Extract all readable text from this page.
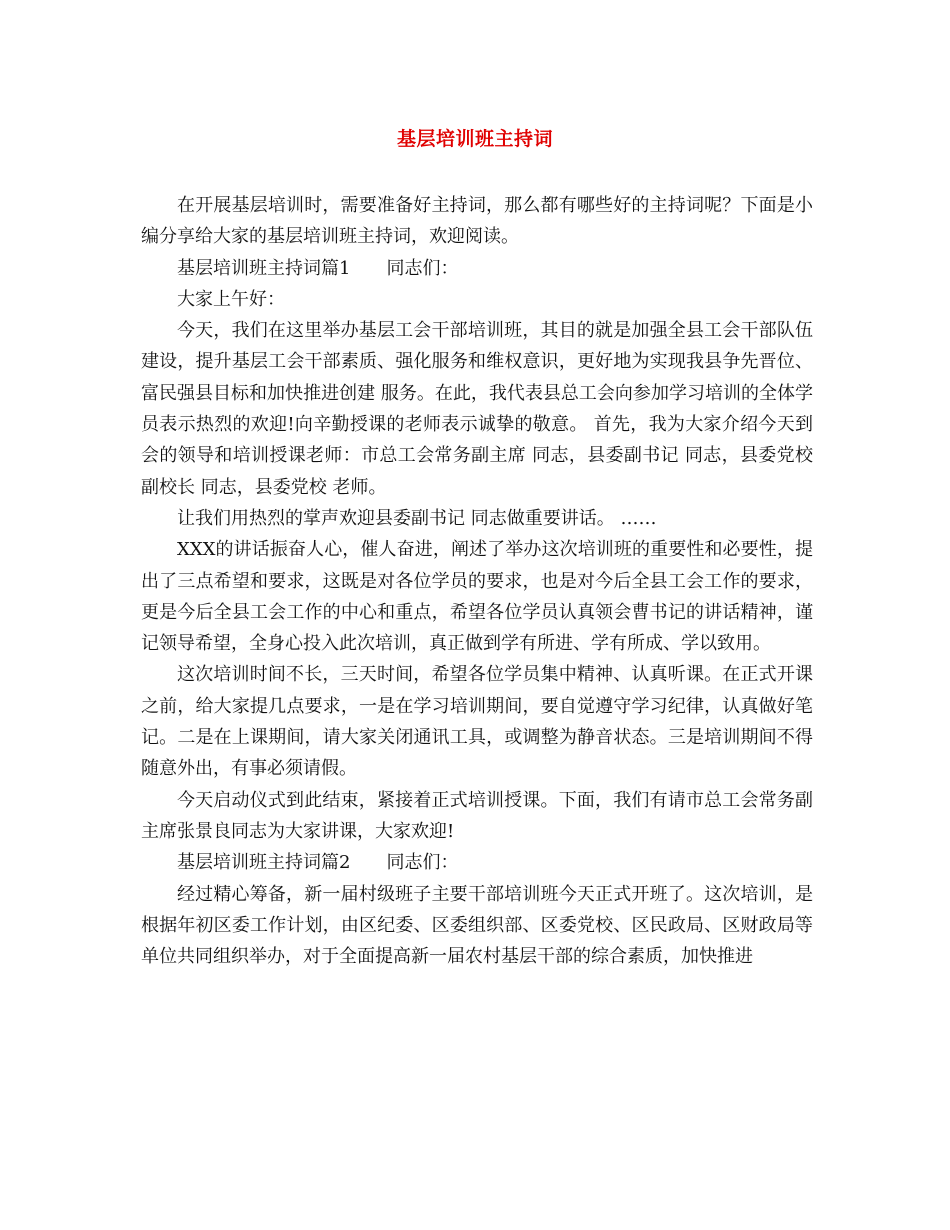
基层培训班主持词

在开展基层培训时，需要准备好主持词，那么都有哪些好的主持词呢？下面是小编分享给大家的基层培训班主持词，欢迎阅读。

基层培训班主持词篇1　　同志们：

大家上午好：

今天，我们在这里举办基层工会干部培训班，其目的就是加强全县工会干部队伍建设，提升基层工会干部素质、强化服务和维权意识，更好地为实现我县争先晋位、富民强县目标和加快推进创建 服务。在此，我代表县总工会向参加学习培训的全体学员表示热烈的欢迎!向辛勤授课的老师表示诚挚的敬意。 首先，我为大家介绍今天到会的领导和培训授课老师：市总工会常务副主席 同志，县委副书记 同志，县委党校副校长 同志，县委党校 老师。

让我们用热烈的掌声欢迎县委副书记 同志做重要讲话。 ……

XXX的讲话振奋人心，催人奋进，阐述了举办这次培训班的重要性和必要性，提出了三点希望和要求，这既是对各位学员的要求，也是对今后全县工会工作的要求，更是今后全县工会工作的中心和重点，希望各位学员认真领会曹书记的讲话精神，谨记领导希望，全身心投入此次培训，真正做到学有所进、学有所成、学以致用。

这次培训时间不长，三天时间，希望各位学员集中精神、认真听课。在正式开课之前，给大家提几点要求，一是在学习培训期间，要自觉遵守学习纪律，认真做好笔记。二是在上课期间，请大家关闭通讯工具，或调整为静音状态。三是培训期间不得随意外出，有事必须请假。

今天启动仪式到此结束，紧接着正式培训授课。下面，我们有请市总工会常务副主席张景良同志为大家讲课，大家欢迎!

基层培训班主持词篇2　　同志们：

经过精心筹备，新一届村级班子主要干部培训班今天正式开班了。这次培训，是根据年初区委工作计划，由区纪委、区委组织部、区委党校、区民政局、区财政局等单位共同组织举办，对于全面提高新一届农村基层干部的综合素质，加快推进
